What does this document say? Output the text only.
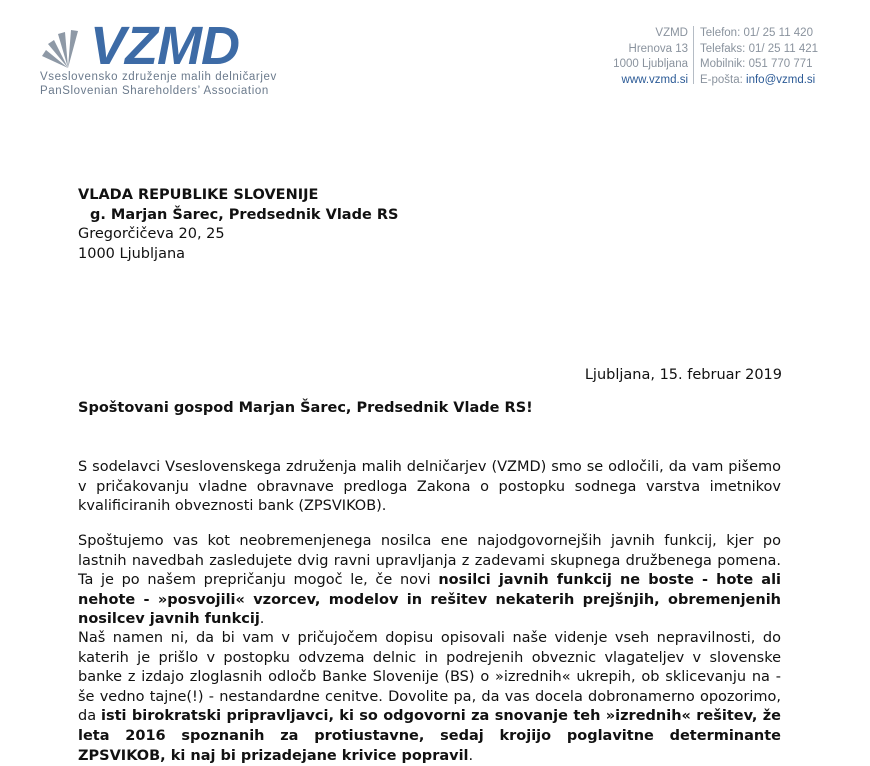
VZMD
Vseslovensko združenje malih delničarjev
PanSlovenian Shareholders’ Association
VZMD
Hrenova 13
1000 Ljubljana
www.vzmd.si
Telefon: 01/ 25 11 420
Telefaks: 01/ 25 11 421
Mobilnik: 051 770 771
E-pošta: info@vzmd.si
VLADA REPUBLIKE SLOVENIJE
g. Marjan Šarec, Predsednik Vlade RS
Gregorčičeva 20, 25
1000 Ljubljana
Ljubljana, 15. februar 2019
Spoštovani gospod Marjan Šarec, Predsednik Vlade RS!
S sodelavci Vseslovenskega združenja malih delničarjev (VZMD) smo se odločili, da vam pišemo v pričakovanju vladne obravnave predloga Zakona o postopku sodnega varstva imetnikov kvalificiranih obveznosti bank (ZPSVIKOB).
Spoštujemo vas kot neobremenjenega nosilca ene najodgovornejših javnih funkcij, kjer po lastnih navedbah zasledujete dvig ravni upravljanja z zadevami skupnega družbenega pomena. Ta je po našem prepričanju mogoč le, če novi nosilci javnih funkcij ne boste - hote ali nehote - »posvojili« vzorcev, modelov in rešitev nekaterih prejšnjih, obremenjenih nosilcev javnih funkcij.
Naš namen ni, da bi vam v pričujočem dopisu opisovali naše videnje vseh nepravilnosti, do katerih je prišlo v postopku odvzema delnic in podrejenih obveznic vlagateljev v slovenske banke z izdajo zloglasnih odločb Banke Slovenije (BS) o »izrednih« ukrepih, ob sklicevanju na - še vedno tajne(!) - nestandardne cenitve. Dovolite pa, da vas docela dobronamerno opozorimo, da isti birokratski pripravljavci, ki so odgovorni za snovanje teh »izrednih« rešitev, že leta 2016 spoznanih za protiustavne, sedaj krojijo poglavitne determinante ZPSVIKOB, ki naj bi prizadejane krivice popravil.
